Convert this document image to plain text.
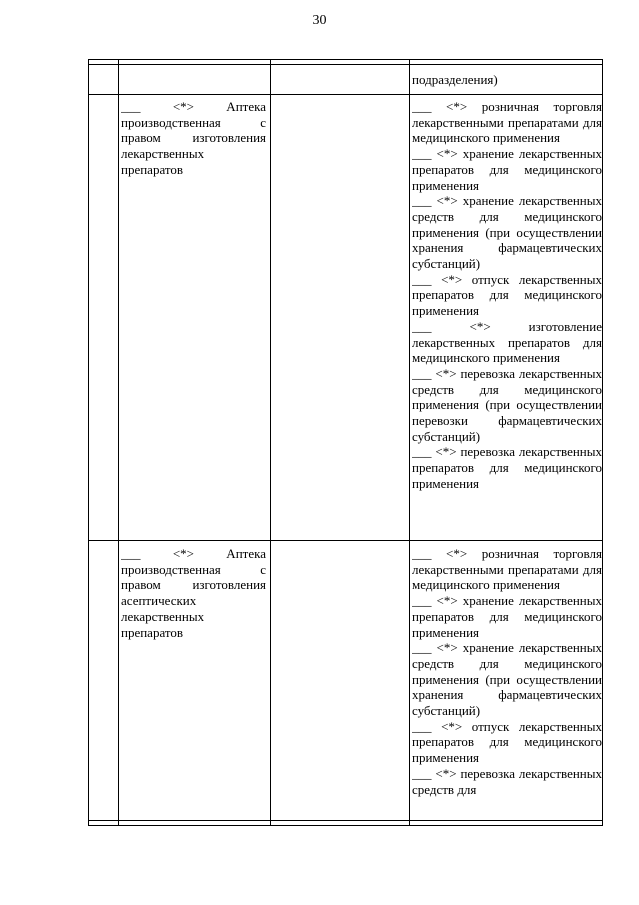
30
подразделения)
___ <*> Аптека производственная с правом изготовления лекарственных препаратов
___ <*> розничная торговля лекарственными препаратами для медицинского применения
___ <*> хранение лекарственных препаратов для медицинского применения
___ <*> хранение лекарственных средств для медицинского применения (при осуществлении хранения фармацевтических субстанций)
___ <*> отпуск лекарственных препаратов для медицинского применения
___ <*> изготовление лекарственных препаратов для медицинского применения
___ <*> перевозка лекарственных средств для медицинского применения (при осуществлении перевозки фармацевтических субстанций)
___ <*> перевозка лекарственных препаратов для медицинского применения
___ <*> Аптека производственная с правом изготовления асептических лекарственных препаратов
___ <*> розничная торговля лекарственными препаратами для медицинского применения
___ <*> хранение лекарственных препаратов для медицинского применения
___ <*> хранение лекарственных средств для медицинского применения (при осуществлении хранения фармацевтических субстанций)
___ <*> отпуск лекарственных препаратов для медицинского применения
___ <*> перевозка лекарственных средств для
